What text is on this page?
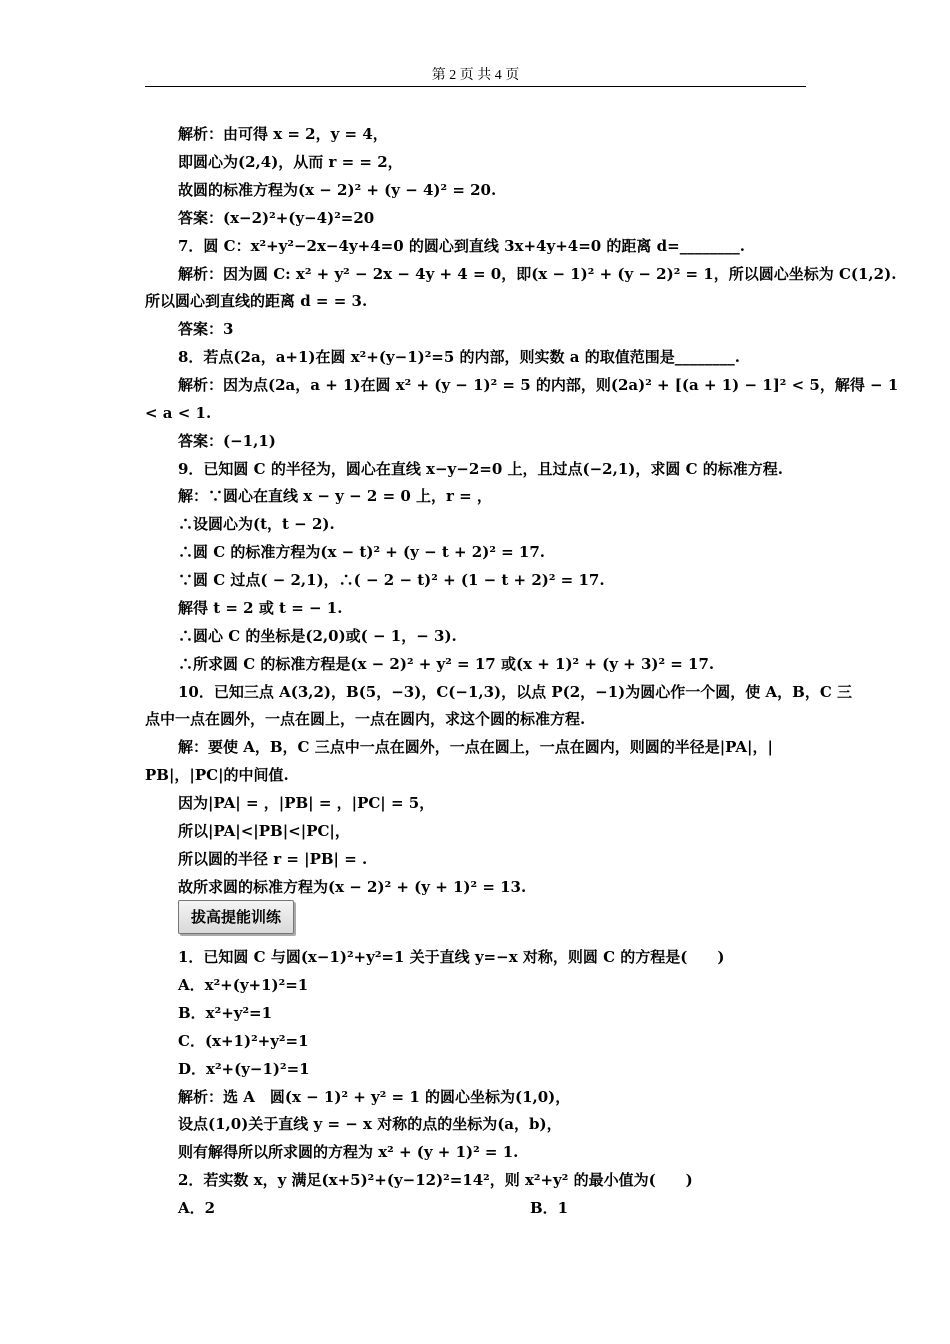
第 2 页 共 4 页
解析：由可得 x = 2，y = 4，
即圆心为(2,4)，从而 r = = 2，
故圆的标准方程为(x − 2)² + (y − 4)² = 20.
答案：(x−2)²+(y−4)²=20
7．圆 C：x²+y²−2x−4y+4=0 的圆心到直线 3x+4y+4=0 的距离 d=________.
解析：因为圆 C: x² + y² − 2x − 4y + 4 = 0，即(x − 1)² + (y − 2)² = 1，所以圆心坐标为 C(1,2).
所以圆心到直线的距离 d = = 3.
答案：3
8．若点(2a，a+1)在圆 x²+(y−1)²=5 的内部，则实数 a 的取值范围是________.
解析：因为点(2a，a + 1)在圆 x² + (y − 1)² = 5 的内部，则(2a)² + [(a + 1) − 1]² < 5，解得 − 1
< a < 1.
答案：(−1,1)
9．已知圆 C 的半径为，圆心在直线 x−y−2=0 上，且过点(−2,1)，求圆 C 的标准方程.
解：∵圆心在直线 x − y − 2 = 0 上，r = ，
∴设圆心为(t，t − 2).
∴圆 C 的标准方程为(x − t)² + (y − t + 2)² = 17.
∵圆 C 过点( − 2,1)，∴( − 2 − t)² + (1 − t + 2)² = 17.
解得 t = 2 或 t = − 1.
∴圆心 C 的坐标是(2,0)或( − 1，− 3).
∴所求圆 C 的标准方程是(x − 2)² + y² = 17 或(x + 1)² + (y + 3)² = 17.
10．已知三点 A(3,2)，B(5，−3)，C(−1,3)，以点 P(2，−1)为圆心作一个圆，使 A，B，C 三
点中一点在圆外，一点在圆上，一点在圆内，求这个圆的标准方程.
解：要使 A，B，C 三点中一点在圆外，一点在圆上，一点在圆内，则圆的半径是|PA|，|
PB|，|PC|的中间值.
因为|PA| = ，|PB| = ，|PC| = 5，
所以|PA|<|PB|<|PC|，
所以圆的半径 r = |PB| = .
故所求圆的标准方程为(x − 2)² + (y + 1)² = 13.
拔高提能训练
1．已知圆 C 与圆(x−1)²+y²=1 关于直线 y=−x 对称，则圆 C 的方程是(　　)
A．x²+(y+1)²=1
B．x²+y²=1
C．(x+1)²+y²=1
D．x²+(y−1)²=1
解析：选 A　圆(x − 1)² + y² = 1 的圆心坐标为(1,0)，
设点(1,0)关于直线 y = − x 对称的点的坐标为(a，b)，
则有解得所以所求圆的方程为 x² + (y + 1)² = 1.
2．若实数 x，y 满足(x+5)²+(y−12)²=14²，则 x²+y² 的最小值为(　　)
A．2	B．1
